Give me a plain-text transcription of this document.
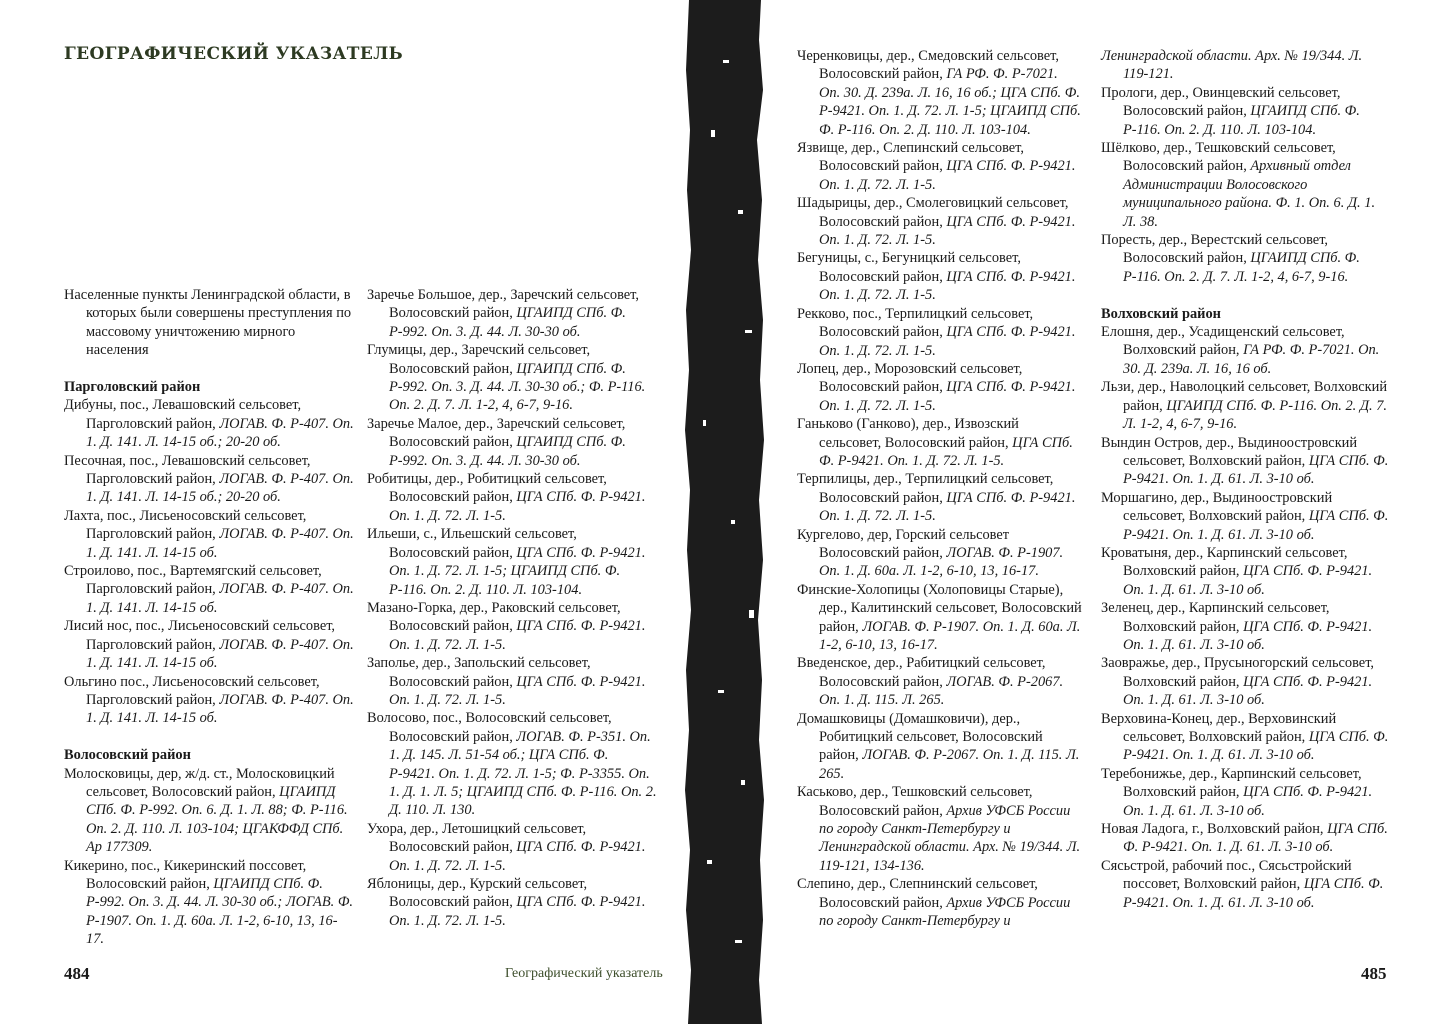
ГЕОГРАФИЧЕСКИЙ УКАЗАТЕЛЬ

Населенные пункты Ленинградской области, в которых были совершены преступления по массовому уничтожению мирного населения

Парголовский район

Дибуны, пос., Левашовский сельсовет, Парголовский район, ЛОГАВ. Ф. Р-407. Оп. 1. Д. 141. Л. 14-15 об.; 20-20 об.

Песочная, пос., Левашовский сельсовет, Парголовский район, ЛОГАВ. Ф. Р-407. Оп. 1. Д. 141. Л. 14-15 об.; 20-20 об.

Лахта, пос., Лисьеносовский сельсовет, Парголовский район, ЛОГАВ. Ф. Р-407. Оп. 1. Д. 141. Л. 14-15 об.

Строилово, пос., Вартемягский сельсовет, Парголовский район, ЛОГАВ. Ф. Р-407. Оп. 1. Д. 141. Л. 14-15 об.

Лисий нос, пос., Лисьеносовский сельсовет, Парголовский район, ЛОГАВ. Ф. Р-407. Оп. 1. Д. 141. Л. 14-15 об.

Ольгино пос., Лисьеносовский сельсовет, Парголовский район, ЛОГАВ. Ф. Р-407. Оп. 1. Д. 141. Л. 14-15 об.

Волосовский район

Молосковицы, дер, ж/д. ст., Молосковицкий сельсовет, Волосовский район, ЦГАИПД СПб. Ф. Р-992. Оп. 6. Д. 1. Л. 88; Ф. Р-116. Оп. 2. Д. 110. Л. 103-104; ЦГАКФФД СПб. Ар 177309.

Кикерино, пос., Кикеринский поссовет, Волосовский район, ЦГАИПД СПб. Ф. Р-992. Оп. 3. Д. 44. Л. 30-30 об.; ЛОГАВ. Ф. Р-1907. Оп. 1. Д. 60а. Л. 1-2, 6-10, 13, 16-17.

Заречье Большое, дер., Заречский сельсовет, Волосовский район, ЦГАИПД СПб. Ф. Р-992. Оп. 3. Д. 44. Л. 30-30 об.

Глумицы, дер., Заречский сельсовет, Волосовский район, ЦГАИПД СПб. Ф. Р-992. Оп. 3. Д. 44. Л. 30-30 об.; Ф. Р-116. Оп. 2. Д. 7. Л. 1-2, 4, 6-7, 9-16.

Заречье Малое, дер., Заречский сельсовет, Волосовский район, ЦГАИПД СПб. Ф. Р-992. Оп. 3. Д. 44. Л. 30-30 об.

Робитицы, дер., Робитицкий сельсовет, Волосовский район, ЦГА СПб. Ф. Р-9421. Оп. 1. Д. 72. Л. 1-5.

Ильеши, с., Ильешский сельсовет, Волосовский район, ЦГА СПб. Ф. Р-9421. Оп. 1. Д. 72. Л. 1-5; ЦГАИПД СПб. Ф. Р-116. Оп. 2. Д. 110. Л. 103-104.

Мазано-Горка, дер., Раковский сельсовет, Волосовский район, ЦГА СПб. Ф. Р-9421. Оп. 1. Д. 72. Л. 1-5.

Заполье, дер., Запольский сельсовет, Волосовский район, ЦГА СПб. Ф. Р-9421. Оп. 1. Д. 72. Л. 1-5.

Волосово, пос., Волосовский сельсовет, Волосовский район, ЛОГАВ. Ф. Р-351. Оп. 1. Д. 145. Л. 51-54 об.; ЦГА СПб. Ф. Р-9421. Оп. 1. Д. 72. Л. 1-5; Ф. Р-3355. Оп. 1. Д. 1. Л. 5; ЦГАИПД СПб. Ф. Р-116. Оп. 2. Д. 110. Л. 130.

Ухора, дер., Летошицкий сельсовет, Волосовский район, ЦГА СПб. Ф. Р-9421. Оп. 1. Д. 72. Л. 1-5.

Яблоницы, дер., Курский сельсовет, Волосовский район, ЦГА СПб. Ф. Р-9421. Оп. 1. Д. 72. Л. 1-5.

484	Географический указатель

Черенковицы, дер., Смедовский сельсовет, Волосовский район, ГА РФ. Ф. Р-7021. Оп. 30. Д. 239а. Л. 16, 16 об.; ЦГА СПб. Ф. Р-9421. Оп. 1. Д. 72. Л. 1-5; ЦГАИПД СПб. Ф. Р-116. Оп. 2. Д. 110. Л. 103-104.

Язвище, дер., Слепинский сельсовет, Волосовский район, ЦГА СПб. Ф. Р-9421. Оп. 1. Д. 72. Л. 1-5.

Шадырицы, дер., Смолеговицкий сельсовет, Волосовский район, ЦГА СПб. Ф. Р-9421. Оп. 1. Д. 72. Л. 1-5.

Бегуницы, с., Бегуницкий сельсовет, Волосовский район, ЦГА СПб. Ф. Р-9421. Оп. 1. Д. 72. Л. 1-5.

Рекково, пос., Терпилицкий сельсовет, Волосовский район, ЦГА СПб. Ф. Р-9421. Оп. 1. Д. 72. Л. 1-5.

Лопец, дер., Морозовский сельсовет, Волосовский район, ЦГА СПб. Ф. Р-9421. Оп. 1. Д. 72. Л. 1-5.

Ганьково (Ганково), дер., Извозский сельсовет, Волосовский район, ЦГА СПб. Ф. Р-9421. Оп. 1. Д. 72. Л. 1-5.

Терпилицы, дер., Терпилицкий сельсовет, Волосовский район, ЦГА СПб. Ф. Р-9421. Оп. 1. Д. 72. Л. 1-5.

Кургелово, дер, Горский сельсовет Волосовский район, ЛОГАВ. Ф. Р-1907. Оп. 1. Д. 60а. Л. 1-2, 6-10, 13, 16-17.

Финские-Холопицы (Холоповицы Старые), дер., Калитинский сельсовет, Волосовский район, ЛОГАВ. Ф. Р-1907. Оп. 1. Д. 60а. Л. 1-2, 6-10, 13, 16-17.

Введенское, дер., Рабитицкий сельсовет, Волосовский район, ЛОГАВ. Ф. Р-2067. Оп. 1. Д. 115. Л. 265.

Домашковицы (Домашковичи), дер., Робитицкий сельсовет, Волосовский район, ЛОГАВ. Ф. Р-2067. Оп. 1. Д. 115. Л. 265.

Каськово, дер., Тешковский сельсовет, Волосовский район, Архив УФСБ России по городу Санкт-Петербургу и Ленинградской области. Арх. № 19/344. Л. 119-121, 134-136.

Слепино, дер., Слепнинский сельсовет, Волосовский район, Архив УФСБ России по городу Санкт-Петербургу и

Ленинградской области. Арх. № 19/344. Л. 119-121.

Прологи, дер., Овинцевский сельсовет, Волосовский район, ЦГАИПД СПб. Ф. Р-116. Оп. 2. Д. 110. Л. 103-104.

Шёлково, дер., Тешковский сельсовет, Волосовский район, Архивный отдел Администрации Волосовского муниципального района. Ф. 1. Оп. 6. Д. 1. Л. 38.

Поресть, дер., Верестский сельсовет, Волосовский район, ЦГАИПД СПб. Ф. Р-116. Оп. 2. Д. 7. Л. 1-2, 4, 6-7, 9-16.

Волховский район

Елошня, дер., Усадищенский сельсовет, Волховский район, ГА РФ. Ф. Р-7021. Оп. 30. Д. 239а. Л. 16, 16 об.

Льзи, дер., Наволоцкий сельсовет, Волховский район, ЦГАИПД СПб. Ф. Р-116. Оп. 2. Д. 7. Л. 1-2, 4, 6-7, 9-16.

Вындин Остров, дер., Выдиноостровский сельсовет, Волховский район, ЦГА СПб. Ф. Р-9421. Оп. 1. Д. 61. Л. 3-10 об.

Моршагино, дер., Выдиноостровский сельсовет, Волховский район, ЦГА СПб. Ф. Р-9421. Оп. 1. Д. 61. Л. 3-10 об.

Кроватыня, дер., Карпинский сельсовет, Волховский район, ЦГА СПб. Ф. Р-9421. Оп. 1. Д. 61. Л. 3-10 об.

Зеленец, дер., Карпинский сельсовет, Волховский район, ЦГА СПб. Ф. Р-9421. Оп. 1. Д. 61. Л. 3-10 об.

Заовражье, дер., Прусыногорский сельсовет, Волховский район, ЦГА СПб. Ф. Р-9421. Оп. 1. Д. 61. Л. 3-10 об.

Верховина-Конец, дер., Верховинский сельсовет, Волховский район, ЦГА СПб. Ф. Р-9421. Оп. 1. Д. 61. Л. 3-10 об.

Теребонижье, дер., Карпинский сельсовет, Волховский район, ЦГА СПб. Ф. Р-9421. Оп. 1. Д. 61. Л. 3-10 об.

Новая Ладога, г., Волховский район, ЦГА СПб. Ф. Р-9421. Оп. 1. Д. 61. Л. 3-10 об.

Сясьстрой, рабочий пос., Сясьстройский поссовет, Волховский район, ЦГА СПб. Ф. Р-9421. Оп. 1. Д. 61. Л. 3-10 об.

485
